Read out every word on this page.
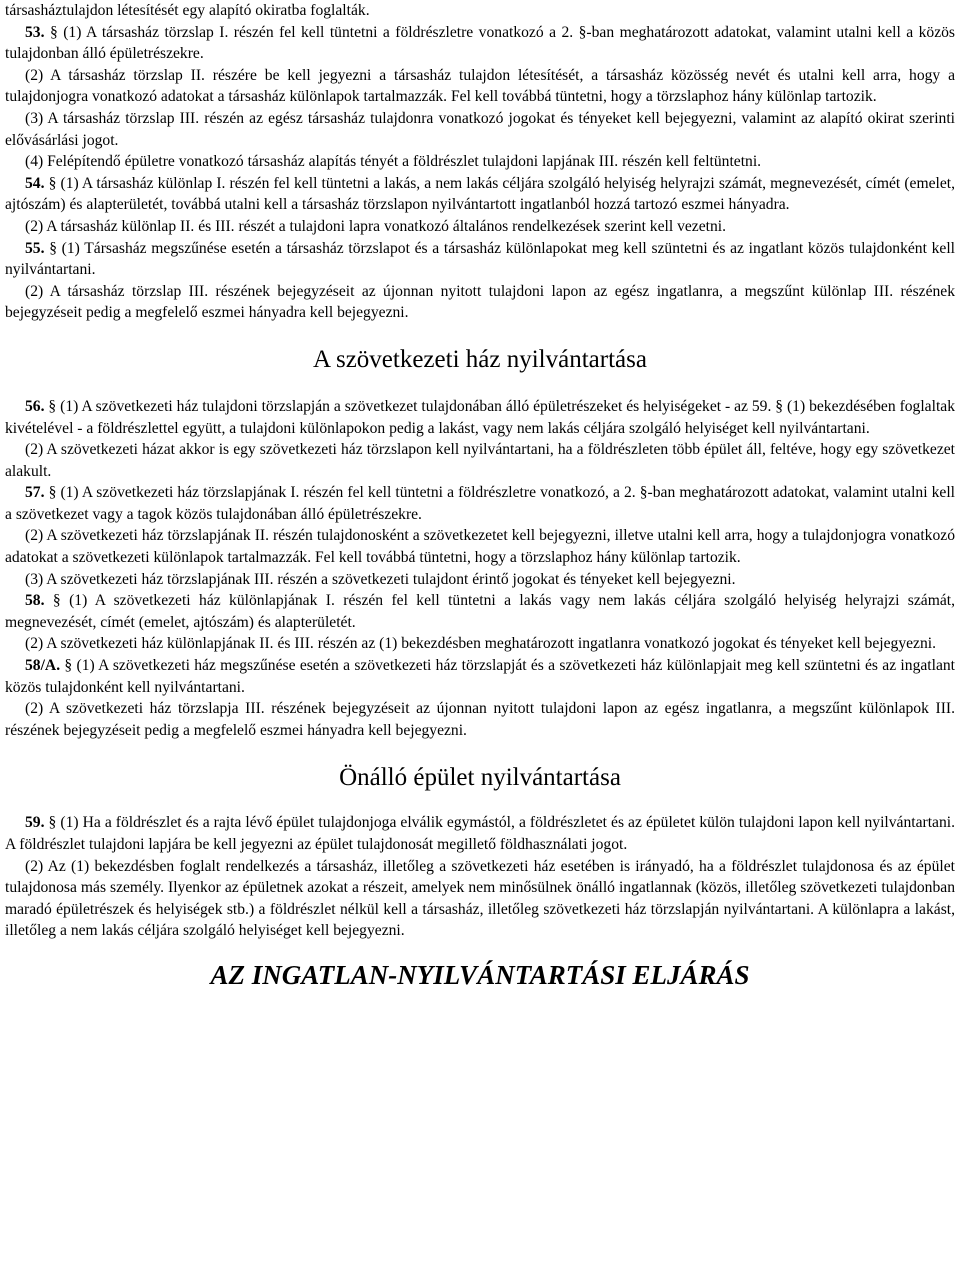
társasháztulajdon létesítését egy alapító okiratba foglalták.

53. § (1) A társasház törzslap I. részén fel kell tüntetni a földrészletre vonatkozó a 2. §-ban meghatározott adatokat, valamint utalni kell a közös tulajdonban álló épületrészekre.

(2) A társasház törzslap II. részére be kell jegyezni a társasház tulajdon létesítését, a társasház közösség nevét és utalni kell arra, hogy a tulajdonjogra vonatkozó adatokat a társasház különlapok tartalmazzák. Fel kell továbbá tüntetni, hogy a törzslaphoz hány különlap tartozik.

(3) A társasház törzslap III. részén az egész társasház tulajdonra vonatkozó jogokat és tényeket kell bejegyezni, valamint az alapító okirat szerinti elővásárlási jogot.

(4) Felépítendő épületre vonatkozó társasház alapítás tényét a földrészlet tulajdoni lapjának III. részén kell feltüntetni.

54. § (1) A társasház különlap I. részén fel kell tüntetni a lakás, a nem lakás céljára szolgáló helyiség helyrajzi számát, megnevezését, címét (emelet, ajtószám) és alapterületét, továbbá utalni kell a társasház törzslapon nyilvántartott ingatlanból hozzá tartozó eszmei hányadra.

(2) A társasház különlap II. és III. részét a tulajdoni lapra vonatkozó általános rendelkezések szerint kell vezetni.

55. § (1) Társasház megszűnése esetén a társasház törzslapot és a társasház különlapokat meg kell szüntetni és az ingatlant közös tulajdonként kell nyilvántartani.

(2) A társasház törzslap III. részének bejegyzéseit az újonnan nyitott tulajdoni lapon az egész ingatlanra, a megszűnt különlap III. részének bejegyzéseit pedig a megfelelő eszmei hányadra kell bejegyezni.

A szövetkezeti ház nyilvántartása

56. § (1) A szövetkezeti ház tulajdoni törzslapján a szövetkezet tulajdonában álló épületrészeket és helyiségeket - az 59. § (1) bekezdésében foglaltak kivételével - a földrészlettel együtt, a tulajdoni különlapokon pedig a lakást, vagy nem lakás céljára szolgáló helyiséget kell nyilvántartani.

(2) A szövetkezeti házat akkor is egy szövetkezeti ház törzslapon kell nyilvántartani, ha a földrészleten több épület áll, feltéve, hogy egy szövetkezet alakult.

57. § (1) A szövetkezeti ház törzslapjának I. részén fel kell tüntetni a földrészletre vonatkozó, a 2. §-ban meghatározott adatokat, valamint utalni kell a szövetkezet vagy a tagok közös tulajdonában álló épületrészekre.

(2) A szövetkezeti ház törzslapjának II. részén tulajdonosként a szövetkezetet kell bejegyezni, illetve utalni kell arra, hogy a tulajdonjogra vonatkozó adatokat a szövetkezeti különlapok tartalmazzák. Fel kell továbbá tüntetni, hogy a törzslaphoz hány különlap tartozik.

(3) A szövetkezeti ház törzslapjának III. részén a szövetkezeti tulajdont érintő jogokat és tényeket kell bejegyezni.

58. § (1) A szövetkezeti ház különlapjának I. részén fel kell tüntetni a lakás vagy nem lakás céljára szolgáló helyiség helyrajzi számát, megnevezését, címét (emelet, ajtószám) és alapterületét.

(2) A szövetkezeti ház különlapjának II. és III. részén az (1) bekezdésben meghatározott ingatlanra vonatkozó jogokat és tényeket kell bejegyezni.

58/A. § (1) A szövetkezeti ház megszűnése esetén a szövetkezeti ház törzslapját és a szövetkezeti ház különlapjait meg kell szüntetni és az ingatlant közös tulajdonként kell nyilvántartani.

(2) A szövetkezeti ház törzslapja III. részének bejegyzéseit az újonnan nyitott tulajdoni lapon az egész ingatlanra, a megszűnt különlapok III. részének bejegyzéseit pedig a megfelelő eszmei hányadra kell bejegyezni.

Önálló épület nyilvántartása

59. § (1) Ha a földrészlet és a rajta lévő épület tulajdonjoga elválik egymástól, a földrészletet és az épületet külön tulajdoni lapon kell nyilvántartani. A földrészlet tulajdoni lapjára be kell jegyezni az épület tulajdonosát megillető földhasználati jogot.

(2) Az (1) bekezdésben foglalt rendelkezés a társasház, illetőleg a szövetkezeti ház esetében is irányadó, ha a földrészlet tulajdonosa és az épület tulajdonosa más személy. Ilyenkor az épületnek azokat a részeit, amelyek nem minősülnek önálló ingatlannak (közös, illetőleg szövetkezeti tulajdonban maradó épületrészek és helyiségek stb.) a földrészlet nélkül kell a társasház, illetőleg szövetkezeti ház törzslapján nyilvántartani. A különlapra a lakást, illetőleg a nem lakás céljára szolgáló helyiséget kell bejegyezni.

AZ INGATLAN-NYILVÁNTARTÁSI ELJÁRÁS
